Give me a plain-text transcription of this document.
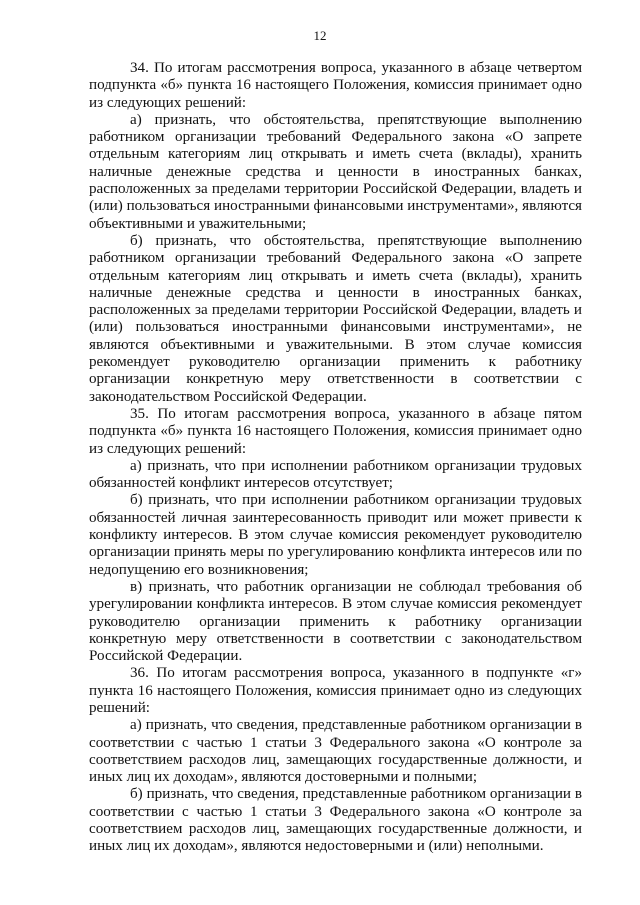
12

34. По итогам рассмотрения вопроса, указанного в абзаце четвертом подпункта «б» пункта 16 настоящего Положения, комиссия принимает одно из следующих решений:

а) признать, что обстоятельства, препятствующие выполнению работником организации требований Федерального закона «О запрете отдельным категориям лиц открывать и иметь счета (вклады), хранить наличные денежные средства и ценности в иностранных банках, расположенных за пределами территории Российской Федерации, владеть и (или) пользоваться иностранными финансовыми инструментами», являются объективными и уважительными;

б) признать, что обстоятельства, препятствующие выполнению работником организации требований Федерального закона «О запрете отдельным категориям лиц открывать и иметь счета (вклады), хранить наличные денежные средства и ценности в иностранных банках, расположенных за пределами территории Российской Федерации, владеть и (или) пользоваться иностранными финансовыми инструментами», не являются объективными и уважительными. В этом случае комиссия рекомендует руководителю организации применить к работнику организации конкретную меру ответственности в соответствии с законодательством Российской Федерации.

35. По итогам рассмотрения вопроса, указанного в абзаце пятом подпункта «б» пункта 16 настоящего Положения, комиссия принимает одно из следующих решений:

а) признать, что при исполнении работником организации трудовых обязанностей конфликт интересов отсутствует;

б) признать, что при исполнении работником организации трудовых обязанностей личная заинтересованность приводит или может привести к конфликту интересов. В этом случае комиссия рекомендует руководителю организации принять меры по урегулированию конфликта интересов или по недопущению его возникновения;

в) признать, что работник организации не соблюдал требования об урегулировании конфликта интересов. В этом случае комиссия рекомендует руководителю организации применить к работнику организации конкретную меру ответственности в соответствии с законодательством Российской Федерации.

36. По итогам рассмотрения вопроса, указанного в подпункте «г» пункта 16 настоящего Положения, комиссия принимает одно из следующих решений:

а) признать, что сведения, представленные работником организации в соответствии с частью 1 статьи 3 Федерального закона «О контроле за соответствием расходов лиц, замещающих государственные должности, и иных лиц их доходам», являются достоверными и полными;

б) признать, что сведения, представленные работником организации в соответствии с частью 1 статьи 3 Федерального закона «О контроле за соответствием расходов лиц, замещающих государственные должности, и иных лиц их доходам», являются недостоверными и (или) неполными.
